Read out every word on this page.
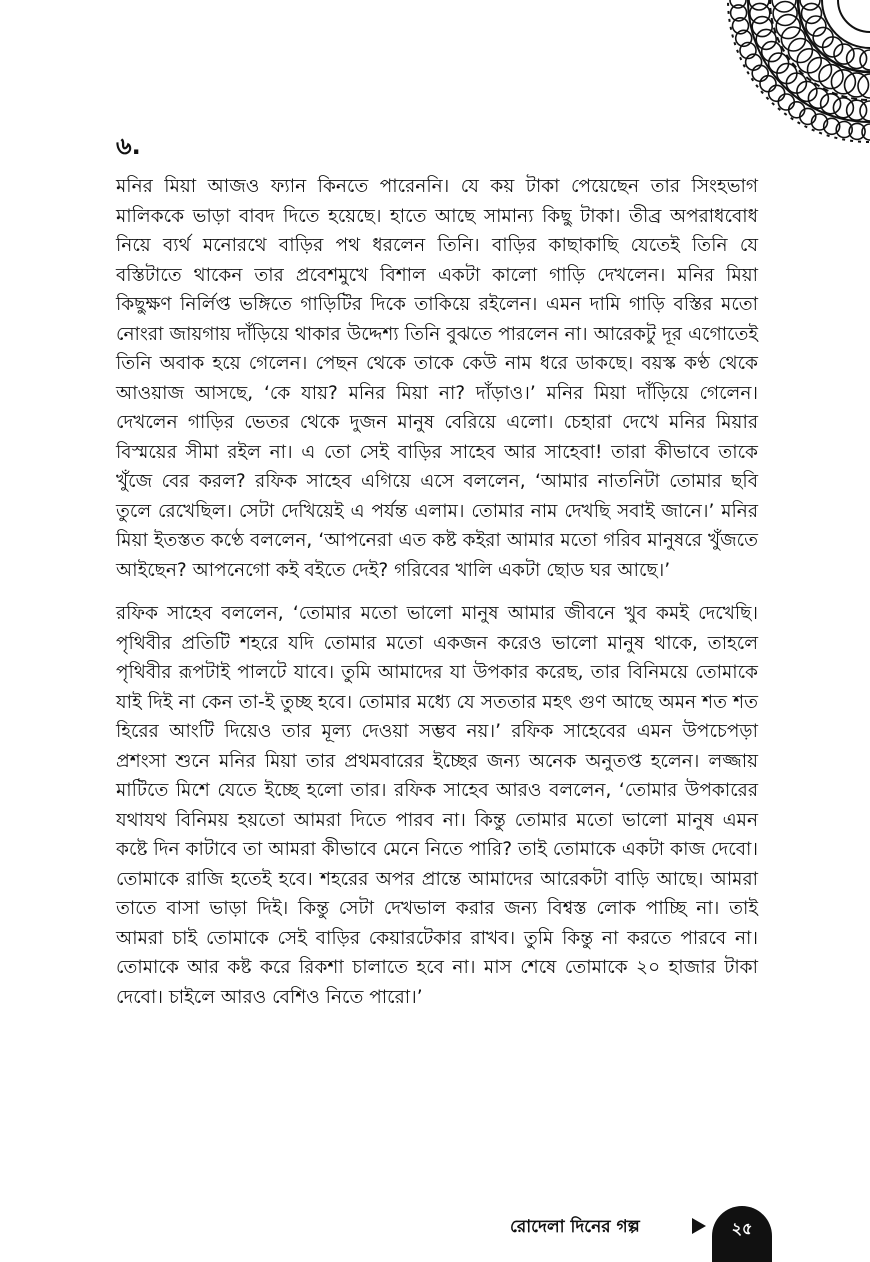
৬.

মনির মিয়া আজও ফ্যান কিনতে পারেননি। যে কয় টাকা পেয়েছেন তার সিংহভাগ মালিককে ভাড়া বাবদ দিতে হয়েছে। হাতে আছে সামান্য কিছু টাকা। তীব্র অপরাধবোধ নিয়ে ব্যর্থ মনোরথে বাড়ির পথ ধরলেন তিনি। বাড়ির কাছাকাছি যেতেই তিনি যে বস্তিটাতে থাকেন তার প্রবেশমুখে বিশাল একটা কালো গাড়ি দেখলেন। মনির মিয়া কিছুক্ষণ নির্লিপ্ত ভঙ্গিতে গাড়িটির দিকে তাকিয়ে রইলেন। এমন দামি গাড়ি বস্তির মতো নোংরা জায়গায় দাঁড়িয়ে থাকার উদ্দেশ্য তিনি বুঝতে পারলেন না। আরেকটু দূর এগোতেই তিনি অবাক হয়ে গেলেন। পেছন থেকে তাকে কেউ নাম ধরে ডাকছে। বয়স্ক কণ্ঠ থেকে আওয়াজ আসছে, ‘কে যায়? মনির মিয়া না? দাঁড়াও।’ মনির মিয়া দাঁড়িয়ে গেলেন। দেখলেন গাড়ির ভেতর থেকে দুজন মানুষ বেরিয়ে এলো। চেহারা দেখে মনির মিয়ার বিস্ময়ের সীমা রইল না। এ তো সেই বাড়ির সাহেব আর সাহেবা! তারা কীভাবে তাকে খুঁজে বের করল? রফিক সাহেব এগিয়ে এসে বললেন, ‘আমার নাতনিটা তোমার ছবি তুলে রেখেছিল। সেটা দেখিয়েই এ পর্যন্ত এলাম। তোমার নাম দেখছি সবাই জানে।’ মনির মিয়া ইতস্তত কণ্ঠে বললেন, ‘আপনেরা এত কষ্ট কইরা আমার মতো গরিব মানুষরে খুঁজতে আইছেন? আপনেগো কই বইতে দেই? গরিবের খালি একটা ছোড ঘর আছে।’

রফিক সাহেব বললেন, ‘তোমার মতো ভালো মানুষ আমার জীবনে খুব কমই দেখেছি। পৃথিবীর প্রতিটি শহরে যদি তোমার মতো একজন করেও ভালো মানুষ থাকে, তাহলে পৃথিবীর রূপটাই পালটে যাবে। তুমি আমাদের যা উপকার করেছ, তার বিনিময়ে তোমাকে যাই দিই না কেন তা-ই তুচ্ছ হবে। তোমার মধ্যে যে সততার মহৎ গুণ আছে অমন শত শত হিরের আংটি দিয়েও তার মূল্য দেওয়া সম্ভব নয়।’ রফিক সাহেবের এমন উপচেপড়া প্রশংসা শুনে মনির মিয়া তার প্রথমবারের ইচ্ছের জন্য অনেক অনুতপ্ত হলেন। লজ্জায় মাটিতে মিশে যেতে ইচ্ছে হলো তার। রফিক সাহেব আরও বললেন, ‘তোমার উপকারের যথাযথ বিনিময় হয়তো আমরা দিতে পারব না। কিন্তু তোমার মতো ভালো মানুষ এমন কষ্টে দিন কাটাবে তা আমরা কীভাবে মেনে নিতে পারি? তাই তোমাকে একটা কাজ দেবো। তোমাকে রাজি হতেই হবে। শহরের অপর প্রান্তে আমাদের আরেকটা বাড়ি আছে। আমরা তাতে বাসা ভাড়া দিই। কিন্তু সেটা দেখভাল করার জন্য বিশ্বস্ত লোক পাচ্ছি না। তাই আমরা চাই তোমাকে সেই বাড়ির কেয়ারটেকার রাখব। তুমি কিন্তু না করতে পারবে না। তোমাকে আর কষ্ট করে রিকশা চালাতে হবে না। মাস শেষে তোমাকে ২০ হাজার টাকা দেবো। চাইলে আরও বেশিও নিতে পারো।’

রোদেলা দিনের গল্প	২৫
